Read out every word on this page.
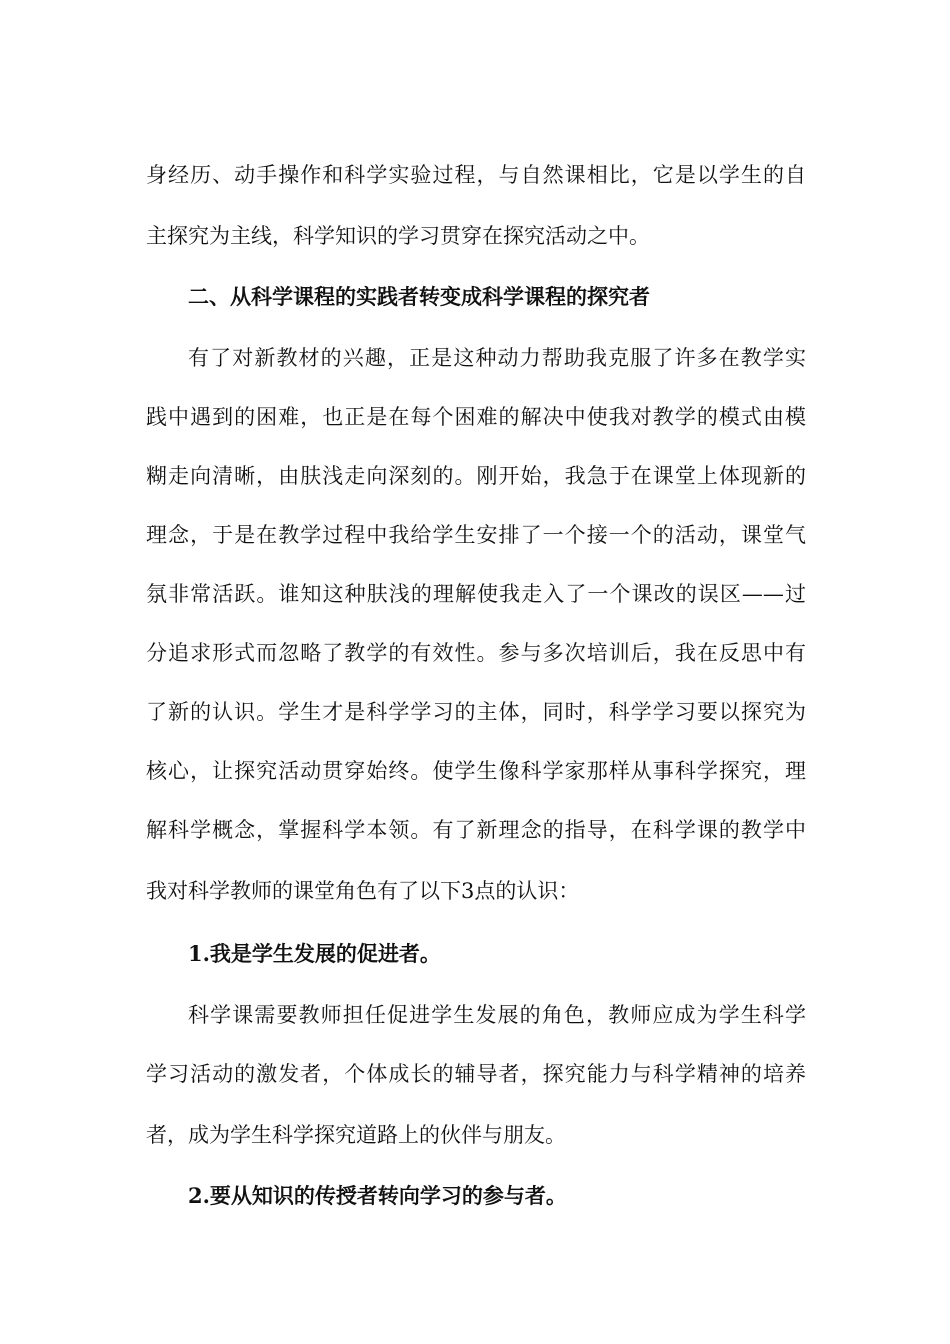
身经历、动手操作和科学实验过程，与自然课相比，它是以学生的自
主探究为主线，科学知识的学习贯穿在探究活动之中。
二、从科学课程的实践者转变成科学课程的探究者
有了对新教材的兴趣，正是这种动力帮助我克服了许多在教学实
践中遇到的困难，也正是在每个困难的解决中使我对教学的模式由模
糊走向清晰，由肤浅走向深刻的。刚开始，我急于在课堂上体现新的
理念，于是在教学过程中我给学生安排了一个接一个的活动，课堂气
氛非常活跃。谁知这种肤浅的理解使我走入了一个课改的误区——过
分追求形式而忽略了教学的有效性。参与多次培训后，我在反思中有
了新的认识。学生才是科学学习的主体，同时，科学学习要以探究为
核心，让探究活动贯穿始终。使学生像科学家那样从事科学探究，理
解科学概念，掌握科学本领。有了新理念的指导，在科学课的教学中
我对科学教师的课堂角色有了以下3点的认识：
1.我是学生发展的促进者。
科学课需要教师担任促进学生发展的角色，教师应成为学生科学
学习活动的激发者，个体成长的辅导者，探究能力与科学精神的培养
者，成为学生科学探究道路上的伙伴与朋友。
2.要从知识的传授者转向学习的参与者。
